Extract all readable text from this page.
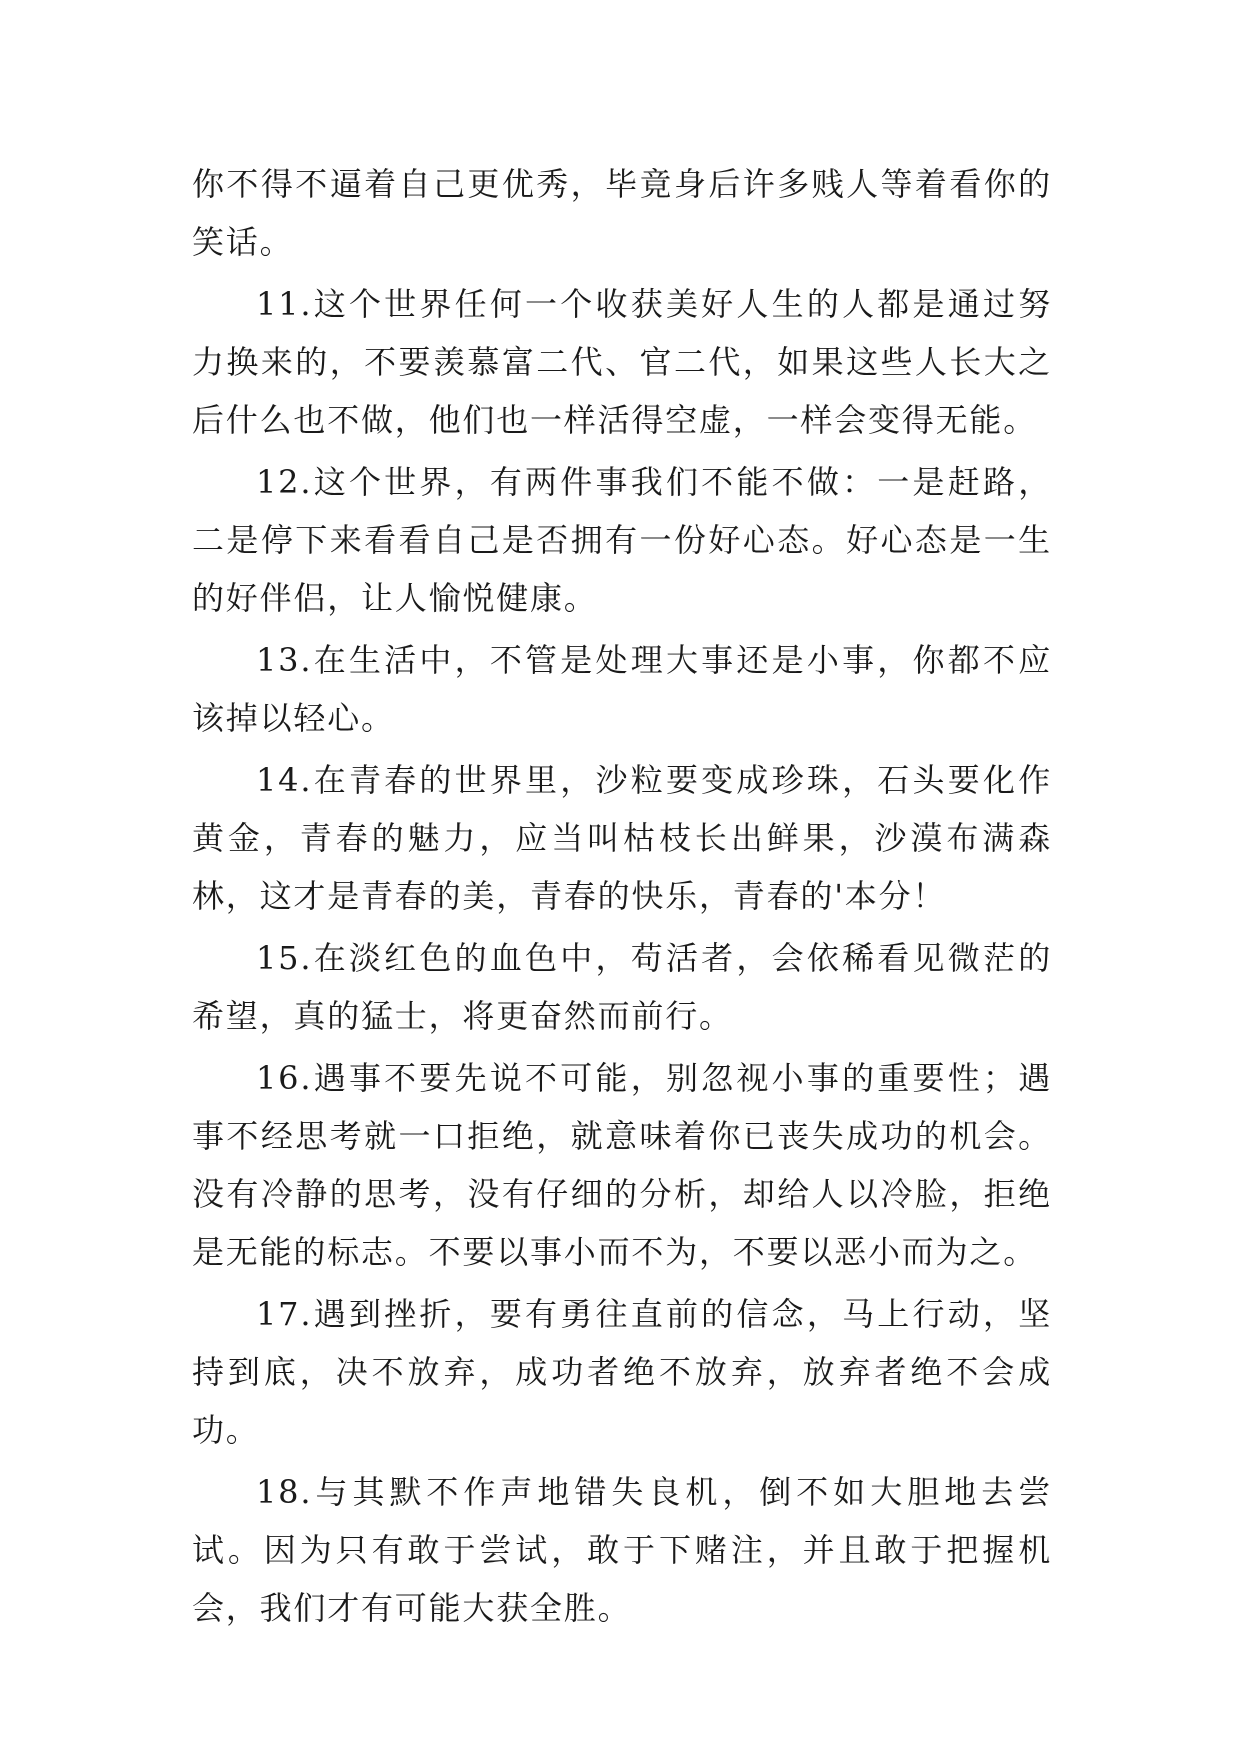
你不得不逼着自己更优秀，毕竟身后许多贱人等着看你的笑话。

11.这个世界任何一个收获美好人生的人都是通过努力换来的，不要羡慕富二代、官二代，如果这些人长大之后什么也不做，他们也一样活得空虚，一样会变得无能。

12.这个世界，有两件事我们不能不做：一是赶路，二是停下来看看自己是否拥有一份好心态。好心态是一生的好伴侣，让人愉悦健康。

13.在生活中，不管是处理大事还是小事，你都不应该掉以轻心。

14.在青春的世界里，沙粒要变成珍珠，石头要化作黄金，青春的魅力，应当叫枯枝长出鲜果，沙漠布满森林，这才是青春的美，青春的快乐，青春的'本分！

15.在淡红色的血色中，苟活者，会依稀看见微茫的希望，真的猛士，将更奋然而前行。

16.遇事不要先说不可能，别忽视小事的重要性；遇事不经思考就一口拒绝，就意味着你已丧失成功的机会。没有冷静的思考，没有仔细的分析，却给人以冷脸，拒绝是无能的标志。不要以事小而不为，不要以恶小而为之。

17.遇到挫折，要有勇往直前的信念，马上行动，坚持到底，决不放弃，成功者绝不放弃，放弃者绝不会成功。

18.与其默不作声地错失良机，倒不如大胆地去尝试。因为只有敢于尝试，敢于下赌注，并且敢于把握机会，我们才有可能大获全胜。
